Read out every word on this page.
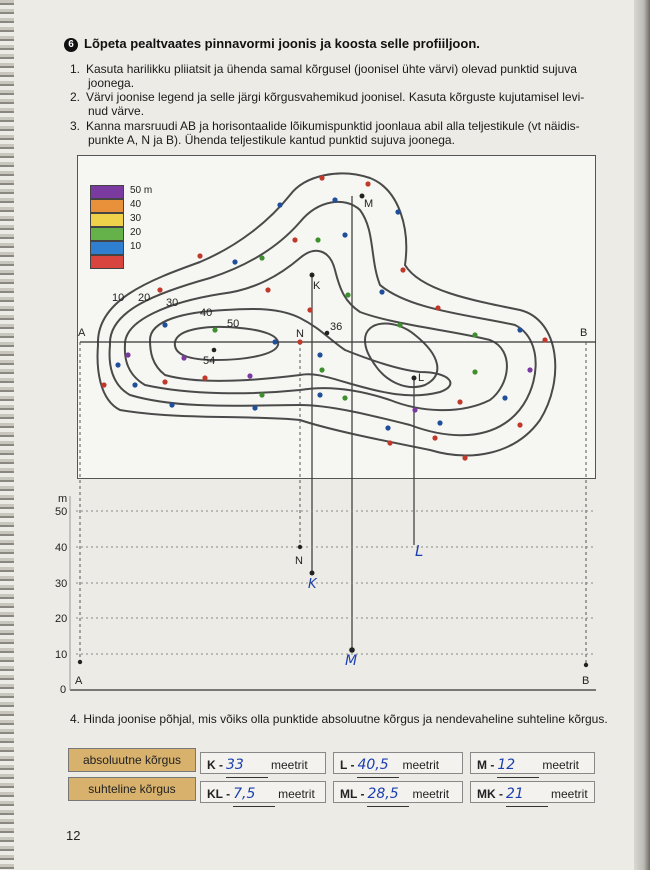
6 Lõpeta pealtvaates pinnavormi joonis ja koosta selle profiiljoon.
1. Kasuta harilikku pliiatsit ja ühenda samal kõrgusel (joonisel ühte värvi) olevad punktid sujuva
joonega.
2. Värvi joonise legend ja selle järgi kõrgusvahemikud joonisel. Kasuta kõrguste kujutamisel levi-
nud värve.
3. Kanna marsruudi AB ja horisontaalide lõikumispunktid joonlaua abil alla teljestikule (vt näidis-
punkte A, N ja B). Ühenda teljestikule kantud punktid sujuva joonega.
50 m
40
30
20
10
10 20 30
40
50
54
36
A	B
N
K
M
L
m
50
40
30
20
10
0
A	B
N
K
M
L
4. Hinda joonise põhjal, mis võiks olla punktide absoluutne kõrgus ja nendevaheline suhteline kõrgus.
absoluutne kõrgus
suhteline kõrgus
K - 33 meetrit	L - 40,5 meetrit	M - 12 meetrit
KL - 7,5 meetrit	ML - 28,5 meetrit	MK - 21 meetrit
12
